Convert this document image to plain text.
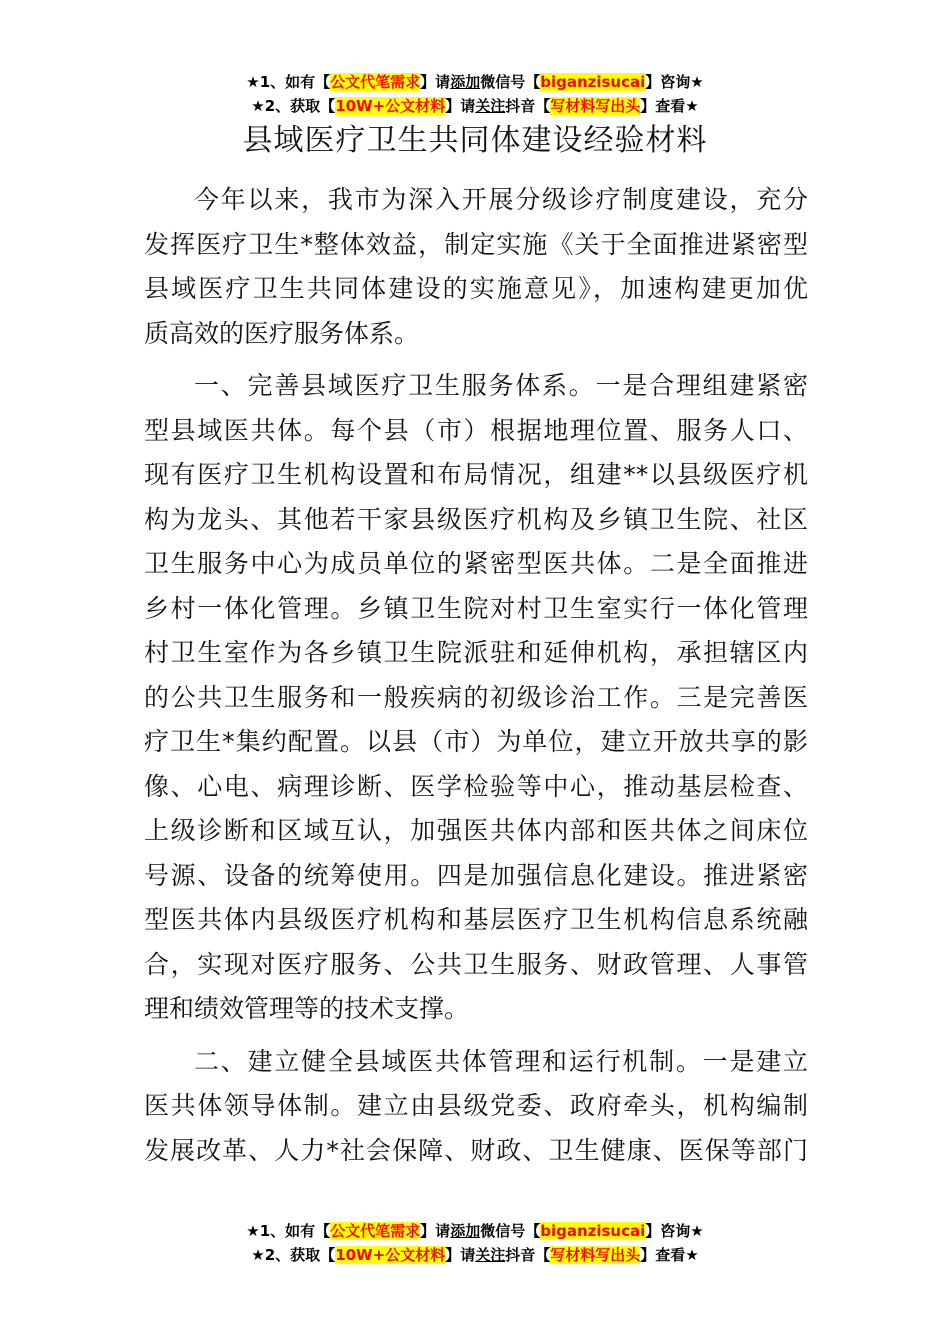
★1、如有【公文代笔需求】请添加微信号【biganzisucai】咨询★
★2、获取【10W+公文材料】请关注抖音【写材料写出头】查看★
县域医疗卫生共同体建设经验材料
今年以来，我市为深入开展分级诊疗制度建设，充分
发挥医疗卫生*整体效益，制定实施《关于全面推进紧密型
县域医疗卫生共同体建设的实施意见》，加速构建更加优
质高效的医疗服务体系。
一、完善县域医疗卫生服务体系。一是合理组建紧密
型县域医共体。每个县（市）根据地理位置、服务人口、
现有医疗卫生机构设置和布局情况，组建**以县级医疗机
构为龙头、其他若干家县级医疗机构及乡镇卫生院、社区
卫生服务中心为成员单位的紧密型医共体。二是全面推进
乡村一体化管理。乡镇卫生院对村卫生室实行一体化管理
村卫生室作为各乡镇卫生院派驻和延伸机构，承担辖区内
的公共卫生服务和一般疾病的初级诊治工作。三是完善医
疗卫生*集约配置。以县（市）为单位，建立开放共享的影
像、心电、病理诊断、医学检验等中心，推动基层检查、
上级诊断和区域互认，加强医共体内部和医共体之间床位
号源、设备的统筹使用。四是加强信息化建设。推进紧密
型医共体内县级医疗机构和基层医疗卫生机构信息系统融
合，实现对医疗服务、公共卫生服务、财政管理、人事管
理和绩效管理等的技术支撑。
二、建立健全县域医共体管理和运行机制。一是建立
医共体领导体制。建立由县级党委、政府牵头，机构编制
发展改革、人力*社会保障、财政、卫生健康、医保等部门
★1、如有【公文代笔需求】请添加微信号【biganzisucai】咨询★
★2、获取【10W+公文材料】请关注抖音【写材料写出头】查看★
